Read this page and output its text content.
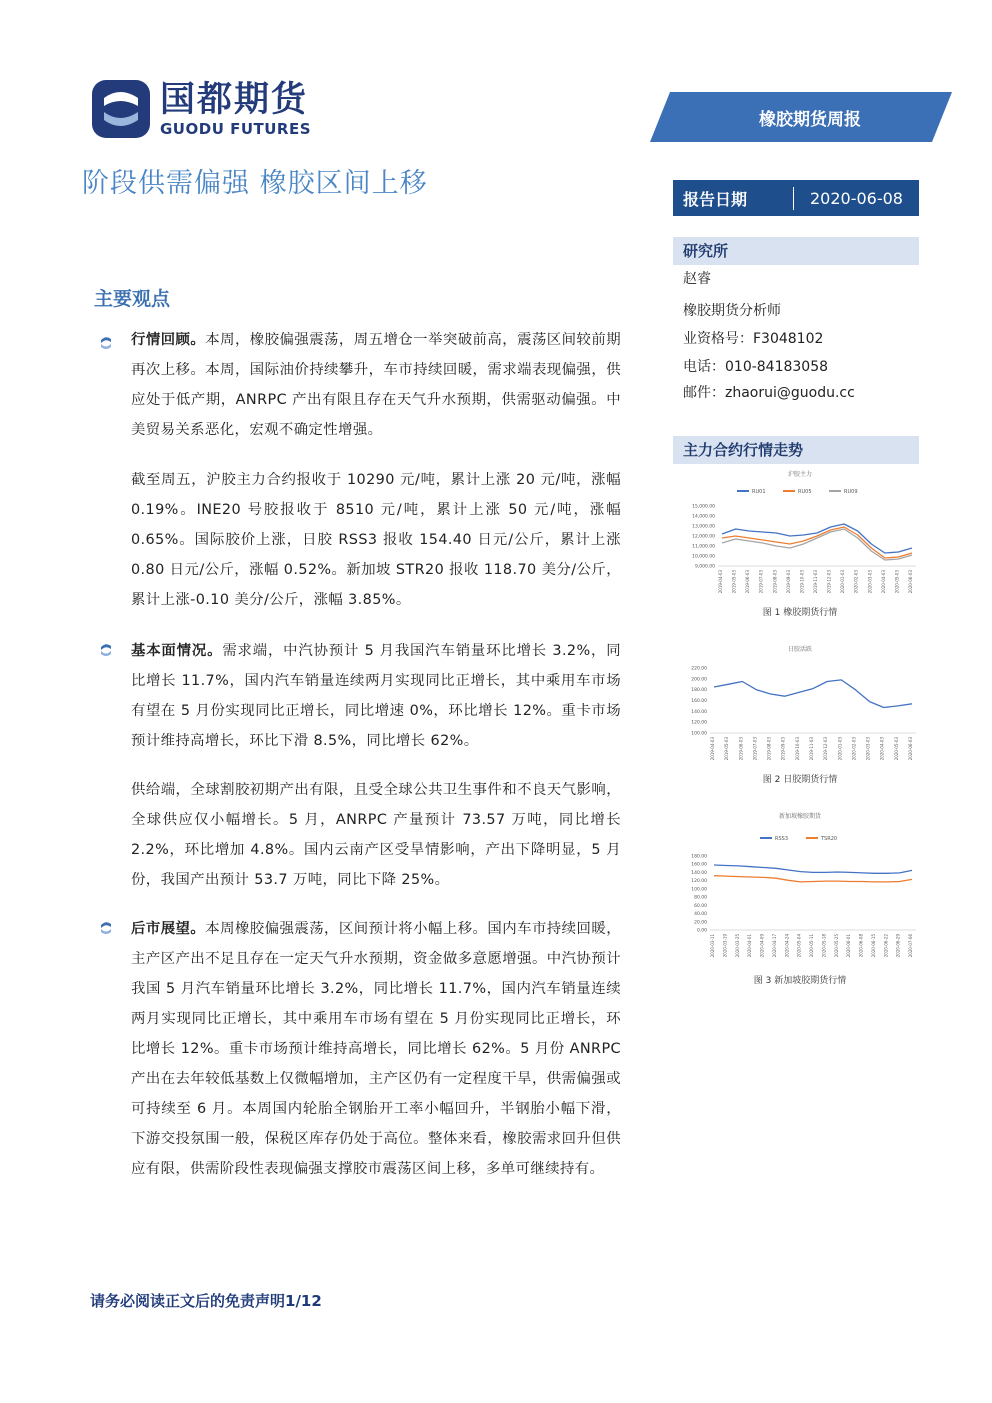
国都期货
GUODU FUTURES	橡胶期货周报
阶段供需偏强 橡胶区间上移	报告日期	2020-06-08
研究所
赵睿
橡胶期货分析师
业资格号：F3048102
电话：010-84183058
邮件：zhaorui@guodu.cc
主力合约行情走势
主要观点
行情回顾。本周，橡胶偏强震荡，周五增仓一举突破前高，震荡区间较前期再次上移。本周，国际油价持续攀升，车市持续回暖，需求端表现偏强，供应处于低产期，ANRPC 产出有限且存在天气升水预期，供需驱动偏强。中美贸易关系恶化，宏观不确定性增强。
截至周五，沪胶主力合约报收于 10290 元/吨，累计上涨 20 元/吨，涨幅 0.19%。INE20 号胶报收于 8510 元/吨，累计上涨 50 元/吨，涨幅 0.65%。国际胶价上涨，日胶 RSS3 报收 154.40 日元/公斤，累计上涨 0.80 日元/公斤，涨幅 0.52%。新加坡 STR20 报收 118.70 美分/公斤，累计上涨-0.10 美分/公斤，涨幅 3.85%。
基本面情况。需求端，中汽协预计 5 月我国汽车销量环比增长 3.2%，同比增长 11.7%，国内汽车销量连续两月实现同比正增长，其中乘用车市场有望在 5 月份实现同比正增长，同比增速 0%，环比增长 12%。重卡市场预计维持高增长，环比下滑 8.5%，同比增长 62%。
供给端，全球割胶初期产出有限，且受全球公共卫生事件和不良天气影响，全球供应仅小幅增长。5 月，ANRPC 产量预计 73.57 万吨，同比增长 2.2%，环比增加 4.8%。国内云南产区受旱情影响，产出下降明显，5 月份，我国产出预计 53.7 万吨，同比下降 25%。
后市展望。本周橡胶偏强震荡，区间预计将小幅上移。国内车市持续回暖，主产区产出不足且存在一定天气升水预期，资金做多意愿增强。中汽协预计我国 5 月汽车销量环比增长 3.2%，同比增长 11.7%，国内汽车销量连续两月实现同比正增长，其中乘用车市场有望在 5 月份实现同比正增长，环比增长 12%。重卡市场预计维持高增长，同比增长 62%。5 月份 ANRPC 产出在去年较低基数上仅微幅增加，主产区仍有一定程度干旱，供需偏强或可持续至 6 月。本周国内轮胎全钢胎开工率小幅回升，半钢胎小幅下滑，下游交投氛围一般，保税区库存仍处于高位。整体来看，橡胶需求回升但供应有限，供需阶段性表现偏强支撑胶市震荡区间上移，多单可继续持有。
沪胶主力
RU01	RU05	RU09
15,000.00
14,000.00
13,000.00
12,000.00
11,000.00
10,000.00
9,000.00
2019-04-03 2019-05-03 2019-06-03 2019-07-03 2019-08-03 2019-09-03 2019-10-03 2019-11-03 2019-12-03 2020-01-03 2020-02-03 2020-03-03 2020-04-03 2020-05-03 2020-06-03
图 1 橡胶期货行情
日胶活跃
220.00
200.00
180.00
160.00
140.00
120.00
100.00
2019-04-03 2019-05-03 2019-06-03 2019-07-03 2019-08-03 2019-09-03 2019-10-03 2019-11-03 2019-12-03 2020-01-03 2020-02-03 2020-03-03 2020-04-03 2020-05-03 2020-06-03
图 2 日胶期货行情
新加坡橡胶期货
RSS3	TSR20
180.00
160.00
140.00
120.00
100.00
80.00
60.00
40.00
20.00
0.00
2020-03-11 2020-03-19 2020-03-25 2020-04-01 2020-04-09 2020-04-17 2020-04-24 2020-05-04 2020-05-11 2020-05-18 2020-05-25 2020-06-01 2020-06-08 2020-06-15 2020-06-22 2020-06-29 2020-07-06
图 3 新加坡胶期货行情
请务必阅读正文后的免责声明1/12
